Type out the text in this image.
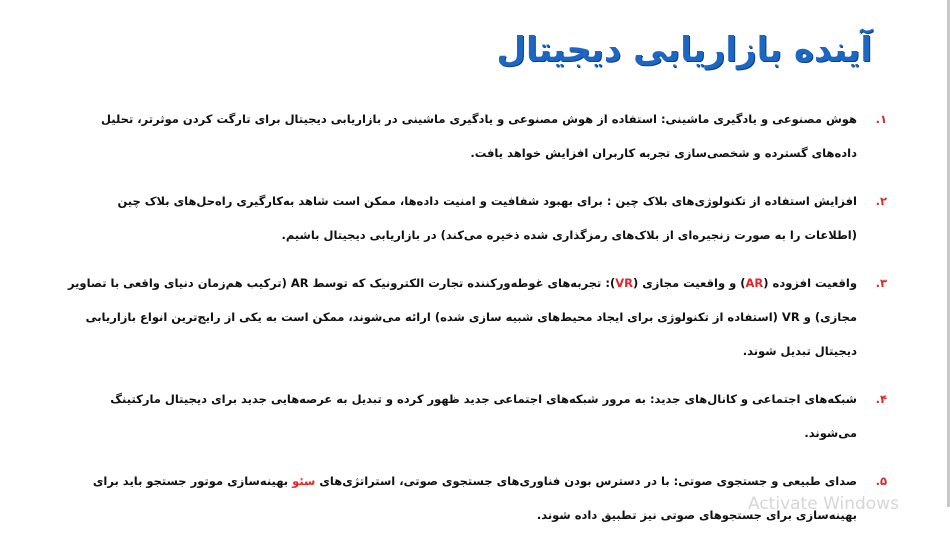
آینده بازاریابی دیجیتال
۱.
هوش مصنوعی و یادگیری ماشینی: استفاده از هوش مصنوعی و یادگیری ماشینی در بازاریابی دیجیتال برای تارگت کردن موثرتر، تحلیل داده‌های گسترده و شخصی‌سازی تجربه کاربران افزایش خواهد یافت.
۲.
افزایش استفاده از تکنولوژی‌های بلاک چین : برای بهبود شفافیت و امنیت داده‌ها، ممکن است شاهد به‌کارگیری راه‌حل‌های بلاک چین (اطلاعات را به صورت زنجیره‌ای از بلاک‌های رمزگذاری شده ذخیره می‌کند) در بازاریابی دیجیتال باشیم.
۳.
واقعیت افزوده (AR) و واقعیت مجازی (VR): تجربه‌های غوطه‌ورکننده تجارت الکترونیک که توسط AR (ترکیب هم‌زمان دنیای واقعی با تصاویر مجازی) و VR (استفاده از تکنولوژی برای ایجاد محیط‌های شبیه سازی شده) ارائه می‌شوند، ممکن است به یکی از رایج‌ترین انواع بازاریابی دیجیتال تبدیل شوند.
۴.
شبکه‌های اجتماعی و کانال‌های جدید: به مرور شبکه‌های اجتماعی جدید ظهور کرده و تبدیل به عرصه‌هایی جدید برای دیجیتال مارکتینگ می‌شوند.
۵.
صدای طبیعی و جستجوی صوتی: با در دسترس بودن فناوری‌های جستجوی صوتی، استراتژی‌های سئو بهینه‌سازی موتور جستجو باید برای بهینه‌سازی برای جستجوهای صوتی نیز تطبیق داده شوند.
Activate Windows
